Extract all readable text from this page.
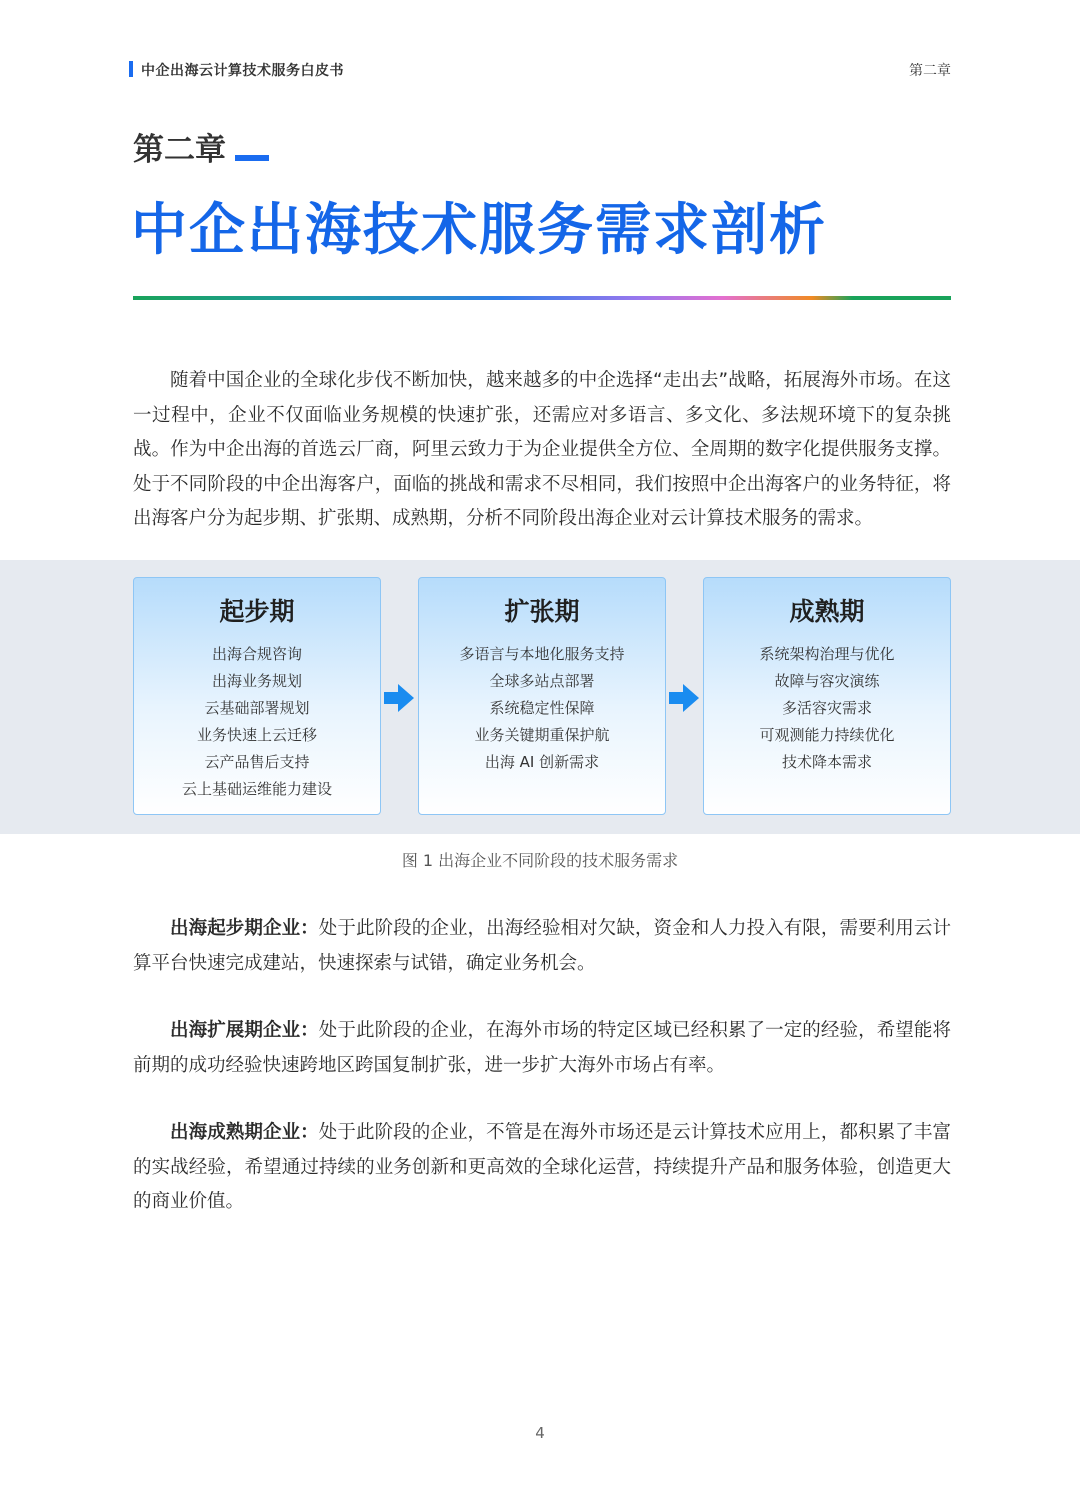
中企出海云计算技术服务白皮书	第二章
第二章
中企出海技术服务需求剖析

随着中国企业的全球化步伐不断加快，越来越多的中企选择“走出去”战略，拓展海外市场。在这一过程中，企业不仅面临业务规模的快速扩张，还需应对多语言、多文化、多法规环境下的复杂挑战。作为中企出海的首选云厂商，阿里云致力于为企业提供全方位、全周期的数字化提供服务支撑。处于不同阶段的中企出海客户，面临的挑战和需求不尽相同，我们按照中企出海客户的业务特征，将出海客户分为起步期、扩张期、成熟期，分析不同阶段出海企业对云计算技术服务的需求。

起步期
出海合规咨询
出海业务规划
云基础部署规划
业务快速上云迁移
云产品售后支持
云上基础运维能力建设
扩张期
多语言与本地化服务支持
全球多站点部署
系统稳定性保障
业务关键期重保护航
出海 AI 创新需求
成熟期
系统架构治理与优化
故障与容灾演练
多活容灾需求
可观测能力持续优化
技术降本需求
图 1 出海企业不同阶段的技术服务需求

出海起步期企业：处于此阶段的企业，出海经验相对欠缺，资金和人力投入有限，需要利用云计算平台快速完成建站，快速探索与试错，确定业务机会。

出海扩展期企业：处于此阶段的企业，在海外市场的特定区域已经积累了一定的经验，希望能将前期的成功经验快速跨地区跨国复制扩张，进一步扩大海外市场占有率。

出海成熟期企业：处于此阶段的企业，不管是在海外市场还是云计算技术应用上，都积累了丰富的实战经验，希望通过持续的业务创新和更高效的全球化运营，持续提升产品和服务体验，创造更大的商业价值。

4
